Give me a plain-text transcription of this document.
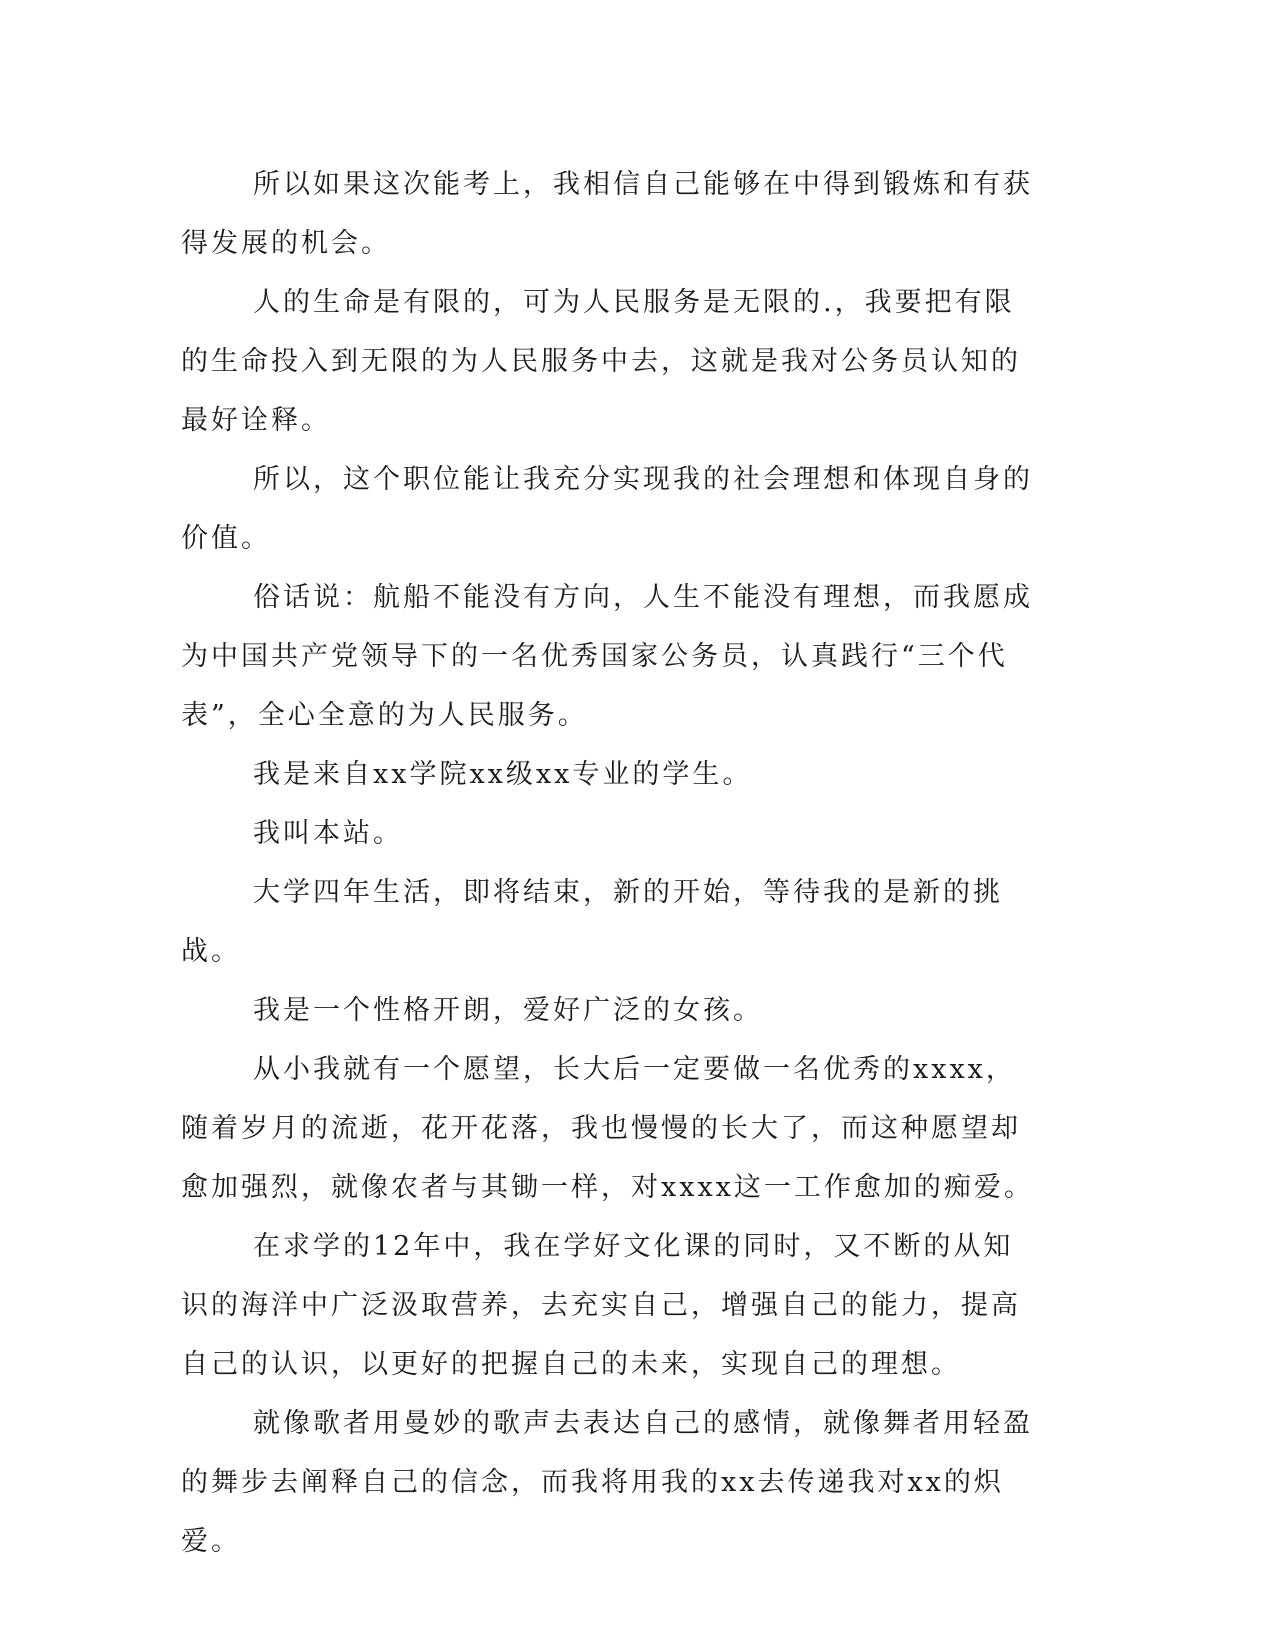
所以如果这次能考上，我相信自己能够在中得到锻炼和有获得发展的机会。

人的生命是有限的，可为人民服务是无限的.，我要把有限的生命投入到无限的为人民服务中去，这就是我对公务员认知的最好诠释。

所以，这个职位能让我充分实现我的社会理想和体现自身的价值。

俗话说：航船不能没有方向，人生不能没有理想，而我愿成为中国共产党领导下的一名优秀国家公务员，认真践行“三个代表”，全心全意的为人民服务。

我是来自xx学院xx级xx专业的学生。

我叫本站。

大学四年生活，即将结束，新的开始，等待我的是新的挑战。

我是一个性格开朗，爱好广泛的女孩。

从小我就有一个愿望，长大后一定要做一名优秀的xxxx，随着岁月的流逝，花开花落，我也慢慢的长大了，而这种愿望却愈加强烈，就像农者与其锄一样，对xxxx这一工作愈加的痴爱。

在求学的12年中，我在学好文化课的同时，又不断的从知识的海洋中广泛汲取营养，去充实自己，增强自己的能力，提高自己的认识，以更好的把握自己的未来，实现自己的理想。

就像歌者用曼妙的歌声去表达自己的感情，就像舞者用轻盈的舞步去阐释自己的信念，而我将用我的xx去传递我对xx的炽爱。
